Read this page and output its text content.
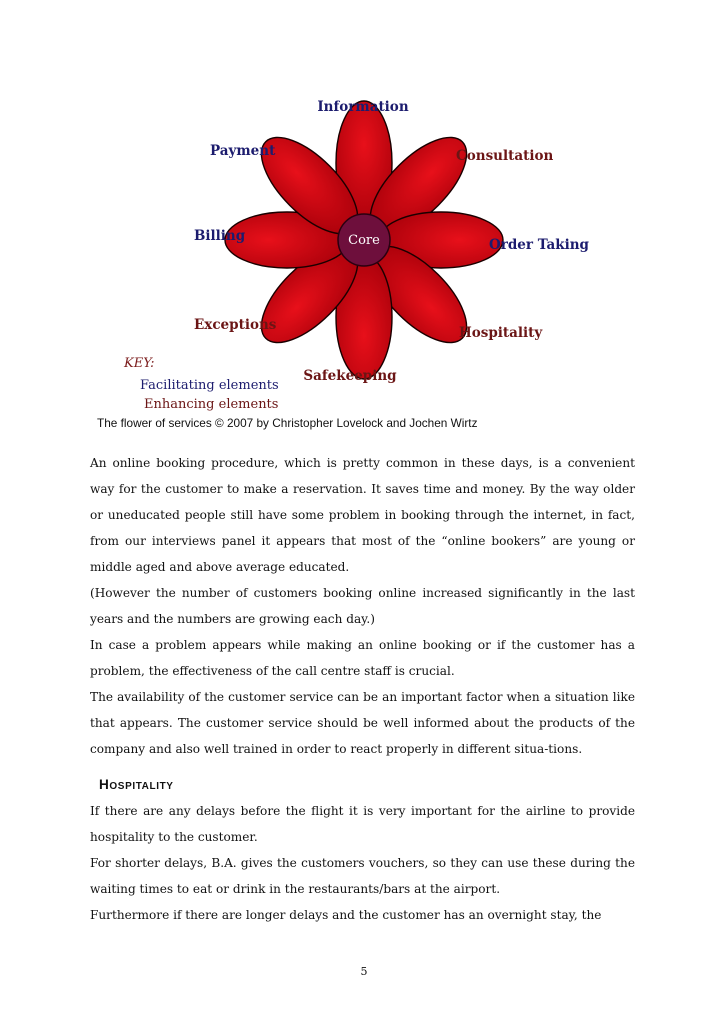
Core
Information
Consultation
Order Taking
Hospitality
Safekeeping
Exceptions
Billing
Payment
KEY:
Facilitating elements
Enhancing elements
The flower of services © 2007 by Christopher Lovelock and Jochen Wirtz

An online booking procedure, which is pretty common in these days, is a convenient way for the customer to make a reservation. It saves time and money. By the way older or uneducated people still have some problem in booking through the internet, in fact, from our interviews panel it appears that most of the “online bookers” are young or middle aged and above average educated.

(However the number of customers booking online increased significantly in the last years and the numbers are growing each day.)

In case a problem appears while making an online booking or if the customer has a problem, the effectiveness of the call centre staff is crucial.

The availability of the customer service can be an important factor when a situation like that appears. The customer service should be well informed about the products of the company and also well trained in order to react properly in different situa-tions.

Hospitality

If there are any delays before the flight it is very important for the airline to provide hospitality to the customer.

For shorter delays, B.A. gives the customers vouchers, so they can use these during the waiting times to eat or drink in the restaurants/bars at the airport.

Furthermore if there are longer delays and the customer has an overnight stay, the

5
